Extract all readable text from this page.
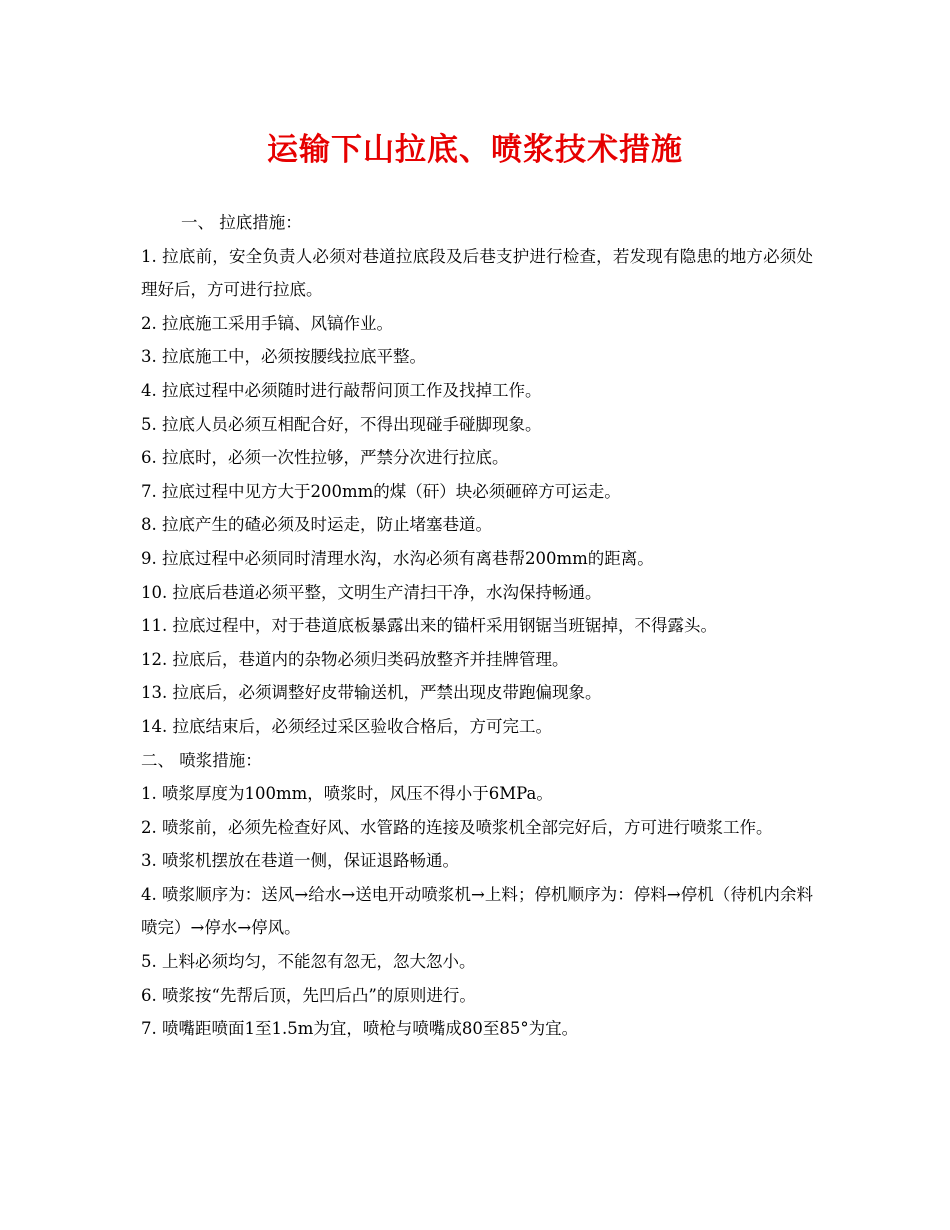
运输下山拉底、喷浆技术措施

一、 拉底措施：

1. 拉底前，安全负责人必须对巷道拉底段及后巷支护进行检查，若发现有隐患的地方必须处理好后，方可进行拉底。

2. 拉底施工采用手镐、风镐作业。

3. 拉底施工中，必须按腰线拉底平整。

4. 拉底过程中必须随时进行敲帮问顶工作及找掉工作。

5. 拉底人员必须互相配合好，不得出现碰手碰脚现象。

6. 拉底时，必须一次性拉够，严禁分次进行拉底。

7. 拉底过程中见方大于200mm的煤（矸）块必须砸碎方可运走。

8. 拉底产生的碴必须及时运走，防止堵塞巷道。

9. 拉底过程中必须同时清理水沟，水沟必须有离巷帮200mm的距离。

10. 拉底后巷道必须平整，文明生产清扫干净，水沟保持畅通。

11. 拉底过程中，对于巷道底板暴露出来的锚杆采用钢锯当班锯掉，不得露头。

12. 拉底后，巷道内的杂物必须归类码放整齐并挂牌管理。

13. 拉底后，必须调整好皮带输送机，严禁出现皮带跑偏现象。

14. 拉底结束后，必须经过采区验收合格后，方可完工。

二、 喷浆措施：

1. 喷浆厚度为100mm，喷浆时，风压不得小于6MPa。

2. 喷浆前，必须先检查好风、水管路的连接及喷浆机全部完好后，方可进行喷浆工作。

3. 喷浆机摆放在巷道一侧，保证退路畅通。

4. 喷浆顺序为：送风→给水→送电开动喷浆机→上料；停机顺序为：停料→停机（待机内余料喷完）→停水→停风。

5. 上料必须均匀，不能忽有忽无，忽大忽小。

6. 喷浆按“先帮后顶，先凹后凸”的原则进行。

7. 喷嘴距喷面1至1.5m为宜，喷枪与喷嘴成80至85°为宜。
